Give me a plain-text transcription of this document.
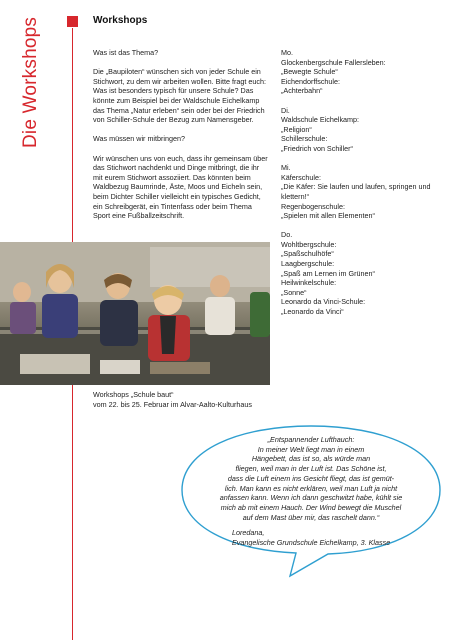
Die Workshops	Workshops

Was ist das Thema?

Die „Baupiloten“ wünschen sich von jeder Schule ein Stichwort, zu dem wir arbeiten wollen. Bitte fragt euch: Was ist besonders typisch für unsere Schule? Das könnte zum Beispiel bei der Waldschule Eichelkamp das Thema „Natur erleben“ sein oder bei der Friedrich von Schiller-Schule der Bezug zum Namensgeber.

Was müssen wir mitbringen?

Wir wünschen uns von euch, dass ihr gemeinsam über das Stichwort nachdenkt und Dinge mitbringt, die ihr mit eurem Stichwort assoziiert. Das könnten beim Waldbezug Baumrinde, Äste, Moos und Eicheln sein, beim Dichter Schiller vielleicht ein typisches Gedicht, ein Schreibgerät, ein Tintenfass oder beim Thema Sport eine Fußballzeitschrift.

Mo.
Glockenbergschule Fallersleben:
„Bewegte Schule“
Eichendorffschule:
„Achterbahn“
Di.
Waldschule Eichelkamp:
„Religion“
Schillerschule:
„Friedrich von Schiller“
Mi.
Käferschule:
„Die Käfer: Sie laufen und laufen, springen und klettern!“
Regenbogenschule:
„Spielen mit allen Elementen“
Do.
Wohltbergschule:
„Spaßschulhöfe“
Laagbergschule:
„Spaß am Lernen im Grünen“
Heilwinkelschule:
„Sonne“
Leonardo da Vinci-Schule:
„Leonardo da Vinci“
Workshops „Schule baut“
vom 22. bis 25. Februar im Alvar-Aalto-Kulturhaus
„Entspannender Lufthauch:
In meiner Welt liegt man in einem
Hängebett, das ist so, als würde man
fliegen, weil man in der Luft ist. Das Schöne ist,
dass die Luft einem ins Gesicht fliegt, das ist gemüt-
lich. Man kann es nicht erklären, weil man Luft ja nicht
anfassen kann. Wenn ich dann geschwitzt habe, kühlt sie
mich ab mit einem Hauch. Der Wind bewegt die Muschel
auf dem Mast über mir, das raschelt dann.“
Loredana,
Evangelische Grundschule Eichelkamp, 3. Klasse
